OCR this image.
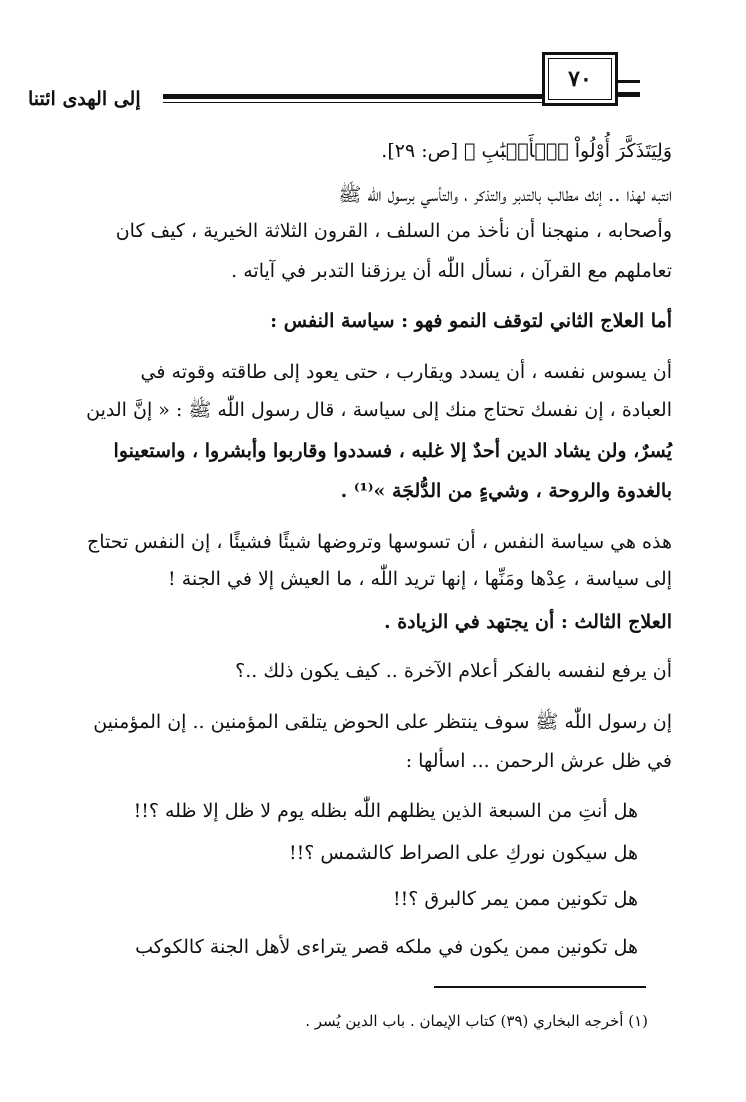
إلى الهدى ائتنا
٧٠
وَلِيَتَذَكَّرَ أُوْلُواْ ٱلۡأَلۡبَٰبِ ﴾ [ص: ٢٩].
انتبه لهذا .. إنك مطالب بالتدبر والتذكر ، والتأسي برسول اللّٰه ﷺ
وأصحابه ، منهجنا أن نأخذ من السلف ، القرون الثلاثة الخيرية ، كيف كان
تعاملهم مع القرآن ، نسأل اللّٰه أن يرزقنا التدبر في آياته .
أما العلاج الثاني لتوقف النمو فهو : سياسة النفس :
أن يسوس نفسه ، أن يسدد ويقارب ، حتى يعود إلى طاقته وقوته في
العبادة ، إن نفسك تحتاج منك إلى سياسة ، قال رسول اللّٰه ﷺ : « إنَّ الدين
يُسرٌ، ولن يشاد الدين أحدٌ إلا غلبه ، فسددوا وقاربوا وأبشروا ، واستعينوا
بالغدوة والروحة ، وشيءٍ من الدُّلجَة »⁽¹⁾ .
هذه هي سياسة النفس ، أن تسوسها وتروضها شيئًا فشيئًا ، إن النفس تحتاج
إلى سياسة ، عِدْها ومَنِّها ، إنها تريد اللّٰه ، ما العيش إلا في الجنة !
العلاج الثالث : أن يجتهد في الزيادة .
أن يرفع لنفسه بالفكر أعلام الآخرة .. كيف يكون ذلك ..؟
إن رسول اللّٰه ﷺ سوف ينتظر على الحوض يتلقى المؤمنين .. إن المؤمنين
في ظل عرش الرحمن ... اسألها :
هل أنتِ من السبعة الذين يظلهم اللّٰه بظله يوم لا ظل إلا ظله ؟!!
هل سيكون نوركِ على الصراط كالشمس ؟!!
هل تكونين ممن يمر كالبرق ؟!!
هل تكونين ممن يكون في ملكه قصر يتراءى لأهل الجنة كالكوكب
(١) أخرجه البخاري (٣٩) كتاب الإيمان . باب الدين يُسر .
